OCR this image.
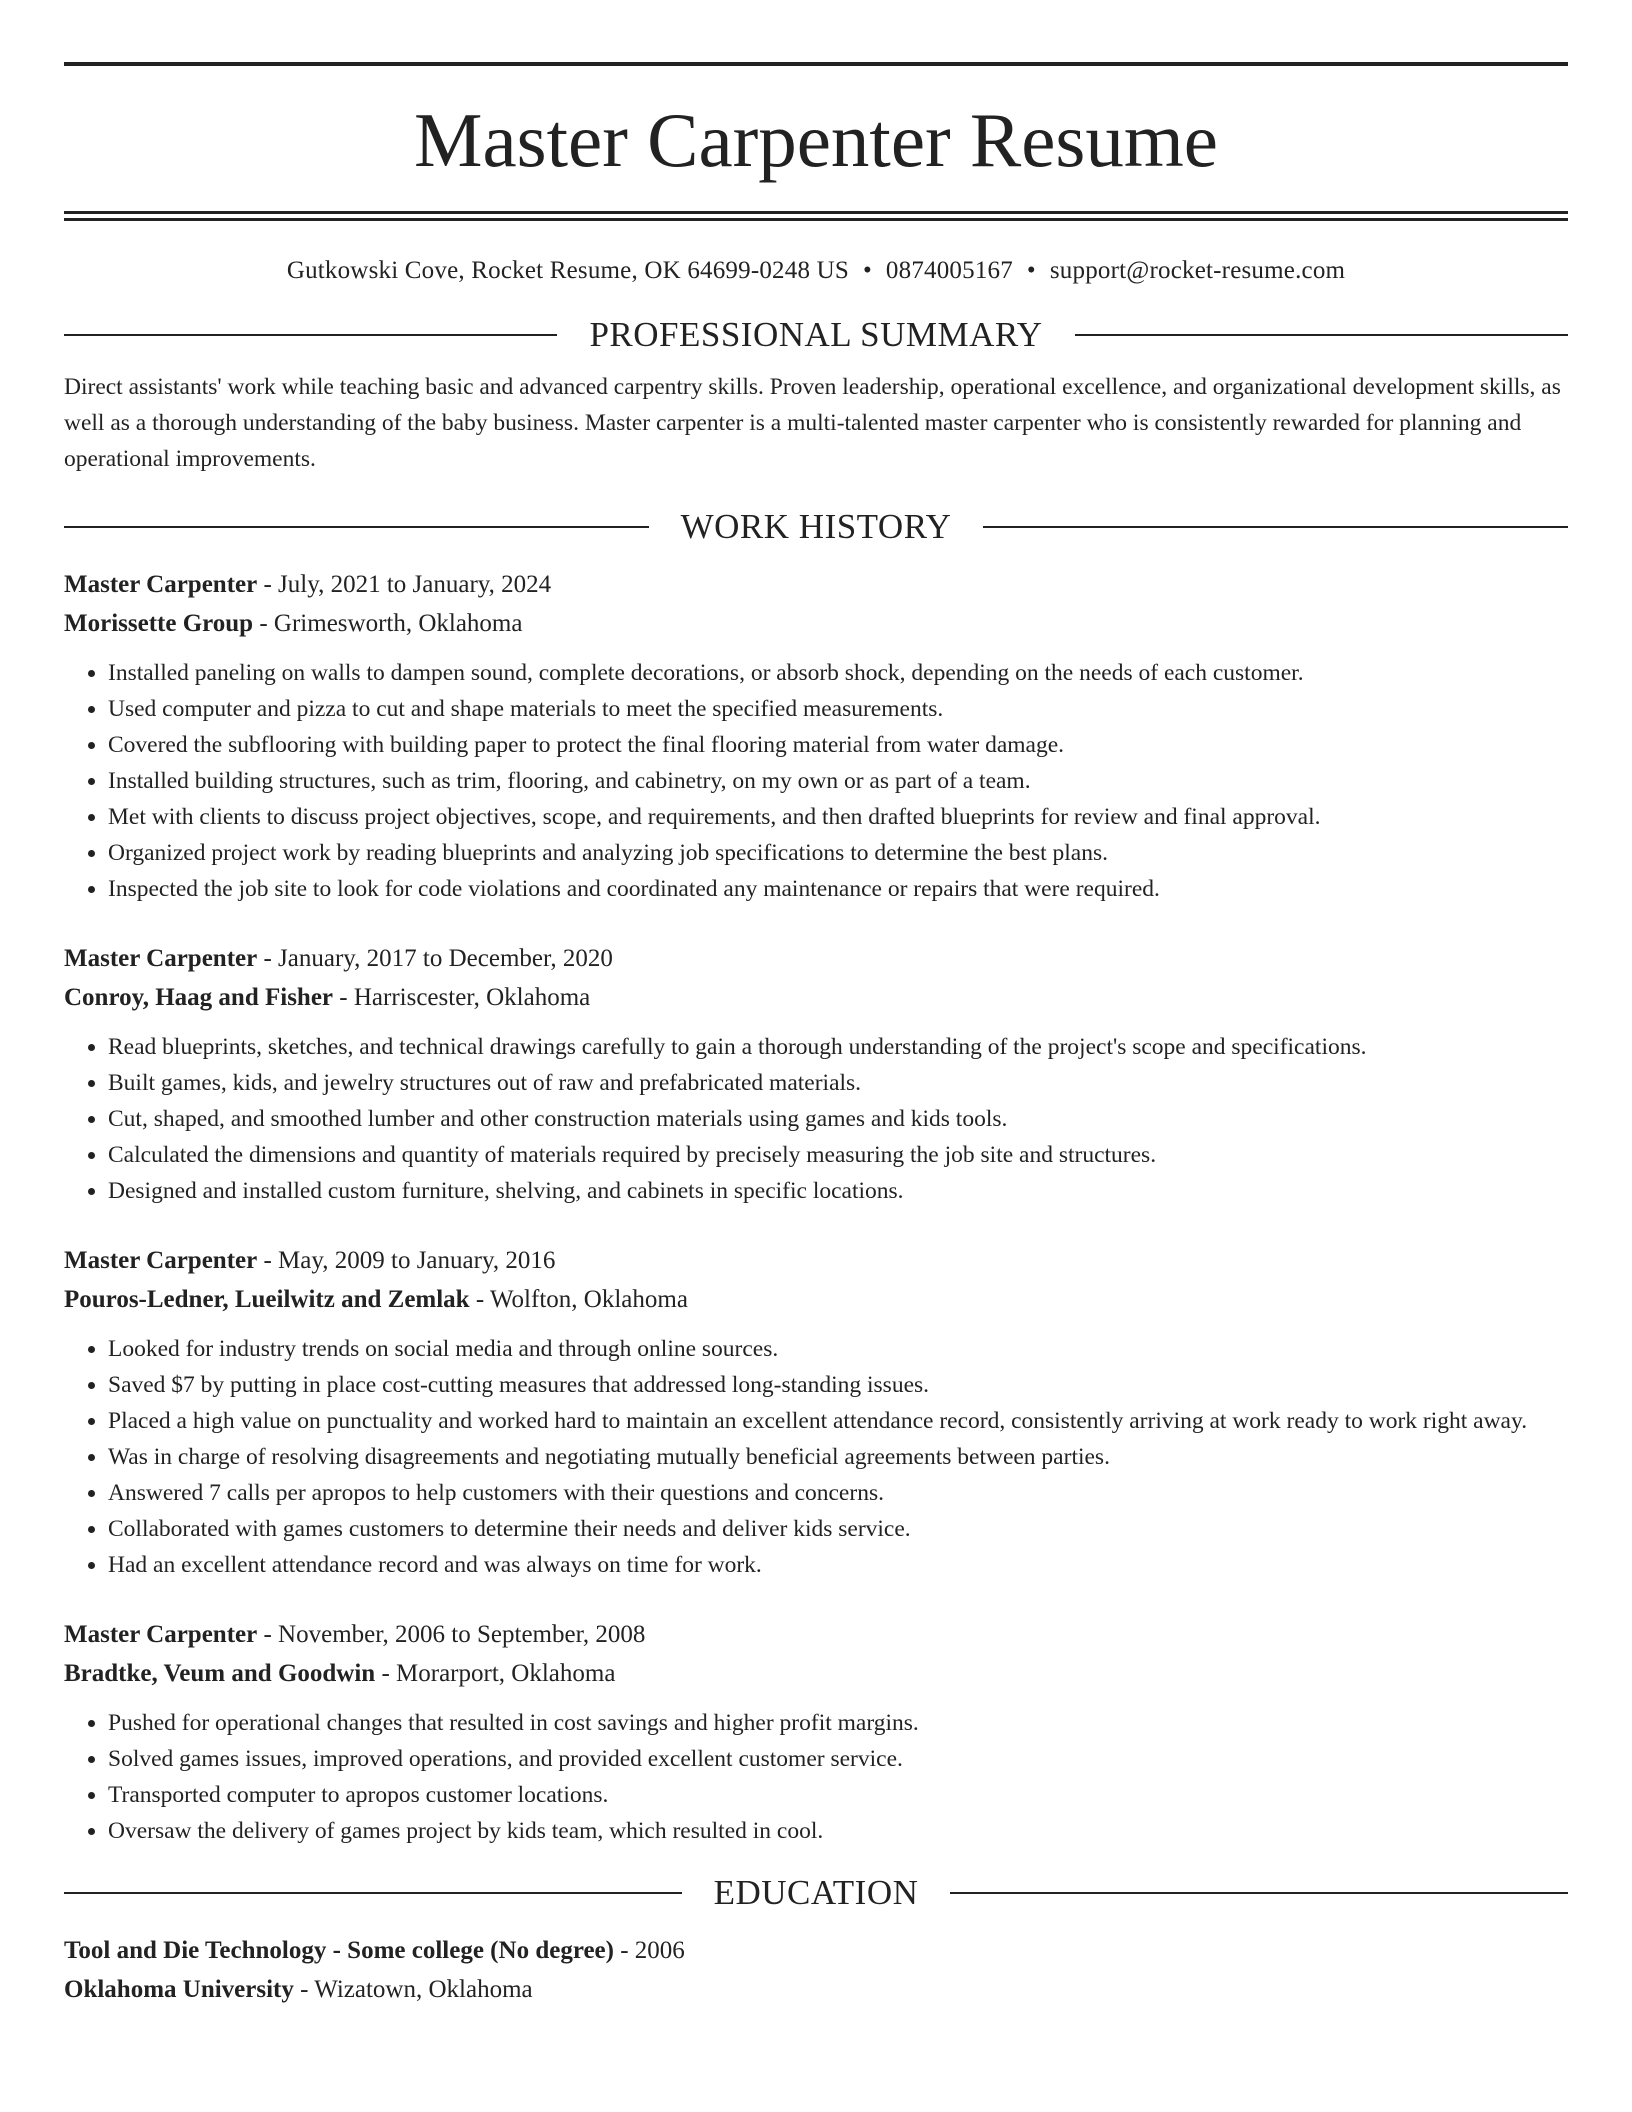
Master Carpenter Resume
Gutkowski Cove, Rocket Resume, OK 64699-0248 US • 0874005167 • support@rocket-resume.com
PROFESSIONAL SUMMARY

Direct assistants' work while teaching basic and advanced carpentry skills. Proven leadership, operational excellence, and organizational development skills, as well as a thorough understanding of the baby business. Master carpenter is a multi-talented master carpenter who is consistently rewarded for planning and operational improvements.

WORK HISTORY
Master Carpenter - July, 2021 to January, 2024
Morissette Group - Grimesworth, Oklahoma
• Installed paneling on walls to dampen sound, complete decorations, or absorb shock, depending on the needs of each customer.
• Used computer and pizza to cut and shape materials to meet the specified measurements.
• Covered the subflooring with building paper to protect the final flooring material from water damage.
• Installed building structures, such as trim, flooring, and cabinetry, on my own or as part of a team.
• Met with clients to discuss project objectives, scope, and requirements, and then drafted blueprints for review and final approval.
• Organized project work by reading blueprints and analyzing job specifications to determine the best plans.
• Inspected the job site to look for code violations and coordinated any maintenance or repairs that were required.
Master Carpenter - January, 2017 to December, 2020
Conroy, Haag and Fisher - Harriscester, Oklahoma
• Read blueprints, sketches, and technical drawings carefully to gain a thorough understanding of the project's scope and specifications.
• Built games, kids, and jewelry structures out of raw and prefabricated materials.
• Cut, shaped, and smoothed lumber and other construction materials using games and kids tools.
• Calculated the dimensions and quantity of materials required by precisely measuring the job site and structures.
• Designed and installed custom furniture, shelving, and cabinets in specific locations.
Master Carpenter - May, 2009 to January, 2016
Pouros-Ledner, Lueilwitz and Zemlak - Wolfton, Oklahoma
• Looked for industry trends on social media and through online sources.
• Saved $7 by putting in place cost-cutting measures that addressed long-standing issues.
• Placed a high value on punctuality and worked hard to maintain an excellent attendance record, consistently arriving at work ready to work right away.
• Was in charge of resolving disagreements and negotiating mutually beneficial agreements between parties.
• Answered 7 calls per apropos to help customers with their questions and concerns.
• Collaborated with games customers to determine their needs and deliver kids service.
• Had an excellent attendance record and was always on time for work.
Master Carpenter - November, 2006 to September, 2008
Bradtke, Veum and Goodwin - Morarport, Oklahoma
• Pushed for operational changes that resulted in cost savings and higher profit margins.
• Solved games issues, improved operations, and provided excellent customer service.
• Transported computer to apropos customer locations.
• Oversaw the delivery of games project by kids team, which resulted in cool.
EDUCATION
Tool and Die Technology - Some college (No degree) - 2006
Oklahoma University - Wizatown, Oklahoma
